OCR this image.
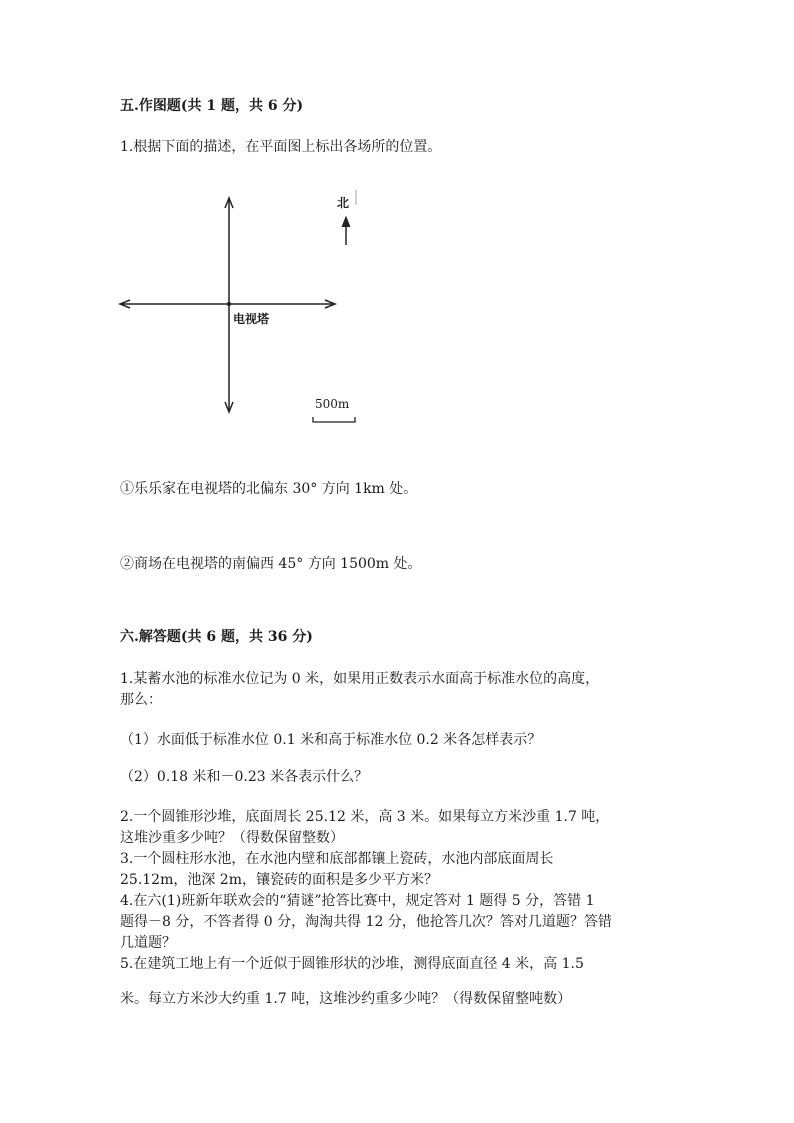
五.作图题(共 1 题，共 6 分)
1.根据下面的描述，在平面图上标出各场所的位置。
北
电视塔
500m
①乐乐家在电视塔的北偏东 30° 方向 1km 处。
②商场在电视塔的南偏西 45° 方向 1500m 处。
六.解答题(共 6 题，共 36 分)
1.某蓄水池的标准水位记为 0 米，如果用正数表示水面高于标准水位的高度，
那么：
（1）水面低于标准水位 0.1 米和高于标准水位 0.2 米各怎样表示？
（2）0.18 米和－0.23 米各表示什么？
2.一个圆锥形沙堆，底面周长 25.12 米，高 3 米。如果每立方米沙重 1.7 吨，
这堆沙重多少吨？（得数保留整数）
3.一个圆柱形水池，在水池内壁和底部都镶上瓷砖，水池内部底面周长
25.12m，池深 2m，镶瓷砖的面积是多少平方米？
4.在六(1)班新年联欢会的“猜谜”抢答比赛中，规定答对 1 题得 5 分，答错 1
题得－8 分，不答者得 0 分，淘淘共得 12 分，他抢答几次？答对几道题？答错
几道题？
5.在建筑工地上有一个近似于圆锥形状的沙堆，测得底面直径 4 米，高 1.5
米。每立方米沙大约重 1.7 吨，这堆沙约重多少吨？（得数保留整吨数）
